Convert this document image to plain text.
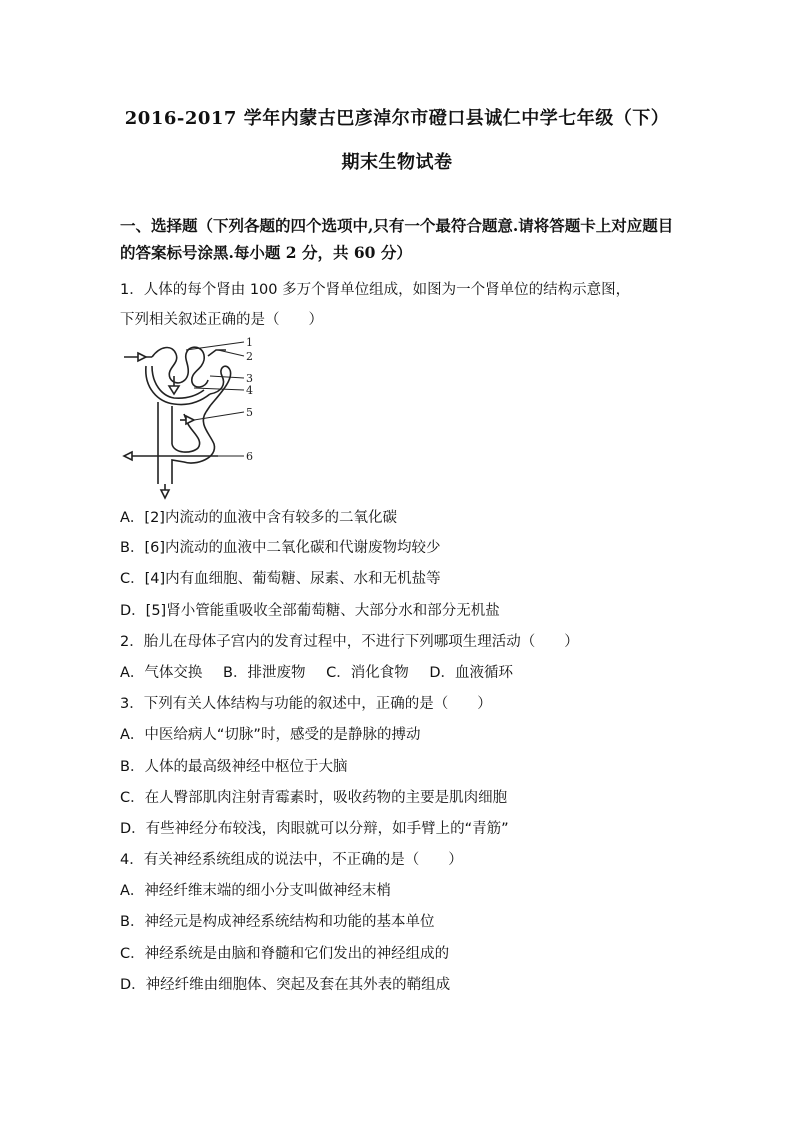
2016-2017 学年内蒙古巴彦淖尔市磴口县诚仁中学七年级（下）
期末生物试卷
一、选择题（下列各题的四个选项中,只有一个最符合题意.请将答题卡上对应题目的答案标号涂黑.每小题 2 分，共 60 分）
1．人体的每个肾由 100 多万个肾单位组成，如图为一个肾单位的结构示意图，
下列相关叙述正确的是（　　）
1
2
3
4
5
6
A．[2]内流动的血液中含有较多的二氧化碳
B．[6]内流动的血液中二氧化碳和代谢废物均较少
C．[4]内有血细胞、葡萄糖、尿素、水和无机盐等
D．[5]肾小管能重吸收全部葡萄糖、大部分水和部分无机盐
2．胎儿在母体子宫内的发育过程中，不进行下列哪项生理活动（　　）
A．气体交换 B．排泄废物 C．消化食物 D．血液循环
3．下列有关人体结构与功能的叙述中，正确的是（　　）
A．中医给病人“切脉”时，感受的是静脉的搏动
B．人体的最高级神经中枢位于大脑
C．在人臀部肌肉注射青霉素时，吸收药物的主要是肌肉细胞
D．有些神经分布较浅，肉眼就可以分辩，如手臂上的“青筋”
4．有关神经系统组成的说法中，不正确的是（　　）
A．神经纤维末端的细小分支叫做神经末梢
B．神经元是构成神经系统结构和功能的基本单位
C．神经系统是由脑和脊髓和它们发出的神经组成的
D．神经纤维由细胞体、突起及套在其外表的鞘组成
